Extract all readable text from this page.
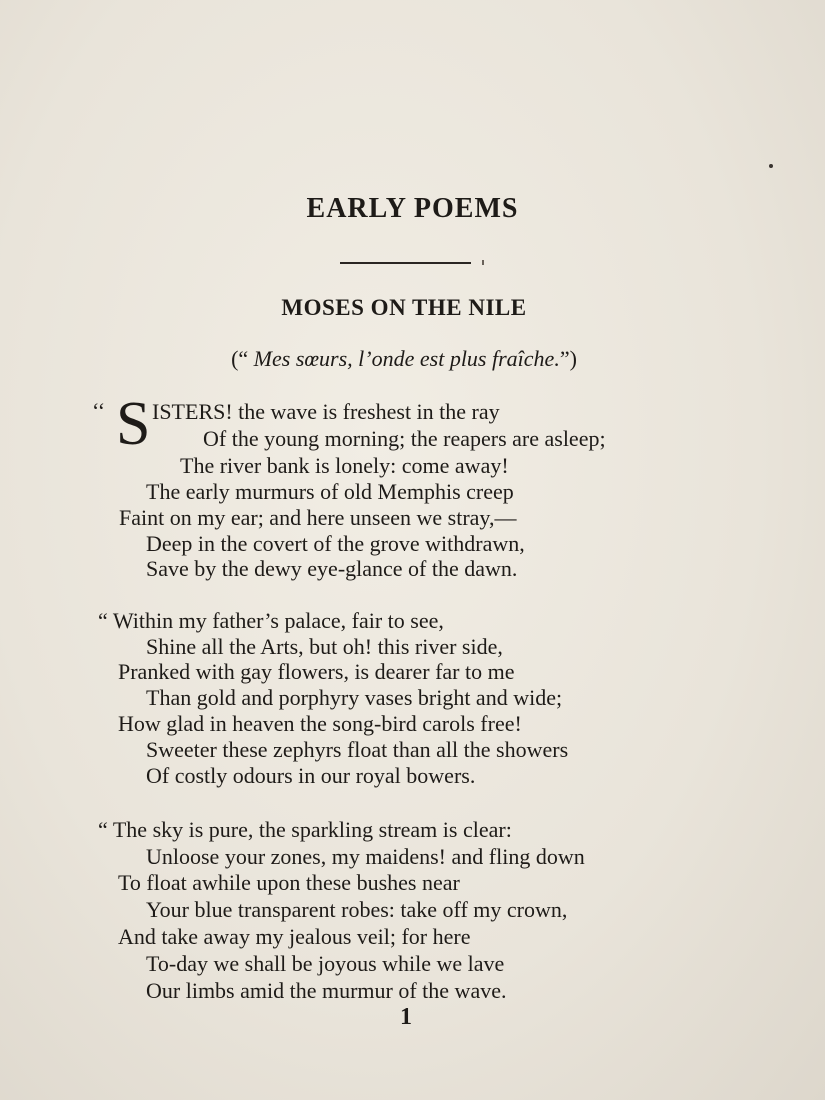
EARLY POEMS
MOSES ON THE NILE
(“ Mes sœurs, l’onde est plus fraîche.”)
‘‘ S ISTERS! the wave is freshest in the ray
Of the young morning; the reapers are asleep;
The river bank is lonely: come away!
The early murmurs of old Memphis creep
Faint on my ear; and here unseen we stray,—
Deep in the covert of the grove withdrawn,
Save by the dewy eye-glance of the dawn.
“ Within my father’s palace, fair to see,
Shine all the Arts, but oh! this river side,
Pranked with gay flowers, is dearer far to me
Than gold and porphyry vases bright and wide;
How glad in heaven the song-bird carols free!
Sweeter these zephyrs float than all the showers
Of costly odours in our royal bowers.
“ The sky is pure, the sparkling stream is clear:
Unloose your zones, my maidens! and fling down
To float awhile upon these bushes near
Your blue transparent robes: take off my crown,
And take away my jealous veil; for here
To-day we shall be joyous while we lave
Our limbs amid the murmur of the wave.
1
